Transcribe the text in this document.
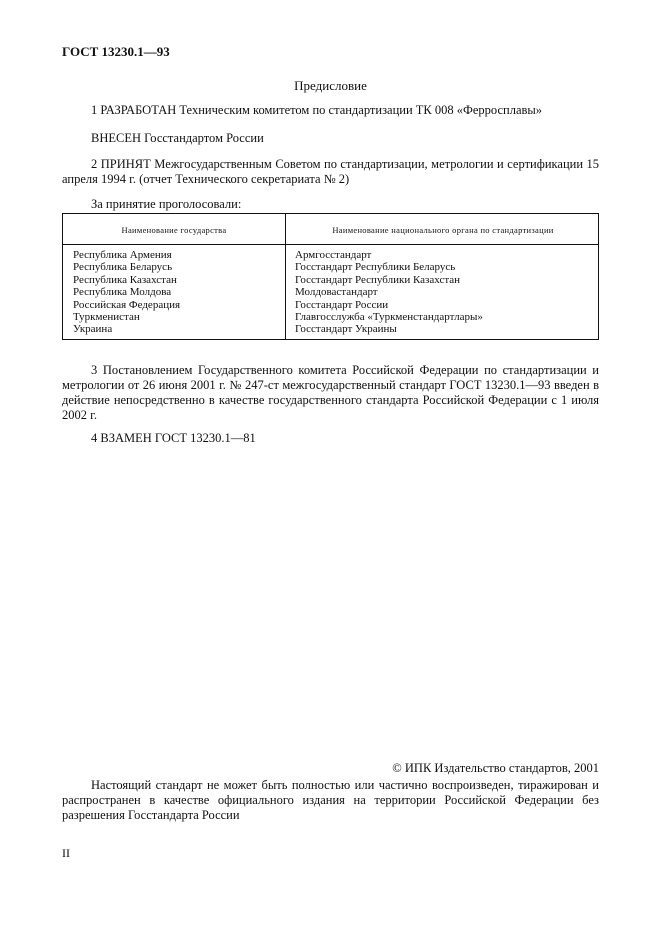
ГОСТ 13230.1—93
Предисловие
1 РАЗРАБОТАН Техническим комитетом по стандартизации ТК 008 «Ферросплавы»
ВНЕСЕН Госстандартом России
2 ПРИНЯТ Межгосударственным Советом по стандартизации, метрологии и сертификации 15 апреля 1994 г. (отчет Технического секретариата № 2)
За принятие проголосовали:
Наименование государства	Наименование национального органа по стандартизации
Республика Армения
Республика Беларусь
Республика Казахстан
Республика Молдова
Российская Федерация
Туркменистан
Украина
Армгосстандарт
Госстандарт Республики Беларусь
Госстандарт Республики Казахстан
Молдовастандарт
Госстандарт России
Главгосслужба «Туркменстандартлары»
Госстандарт Украины
3 Постановлением Государственного комитета Российской Федерации по стандартизации и метрологии от 26 июня 2001 г. № 247-ст межгосударственный стандарт ГОСТ 13230.1—93 введен в действие непосредственно в качестве государственного стандарта Российской Федерации с 1 июля 2002 г.
4 ВЗАМЕН ГОСТ 13230.1—81
© ИПК Издательство стандартов, 2001
Настоящий стандарт не может быть полностью или частично воспроизведен, тиражирован и распространен в качестве официального издания на территории Российской Федерации без разрешения Госстандарта России
II
